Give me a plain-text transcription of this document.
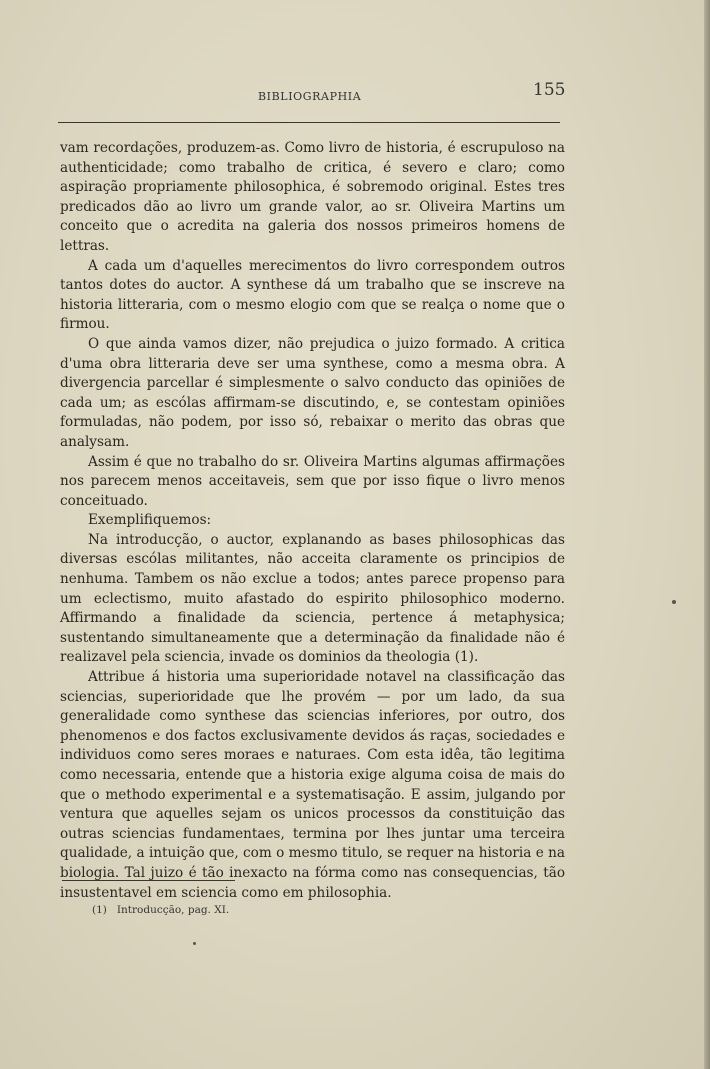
BIBLIOGRAPHIA	155

vam recordações, produzem-as. Como livro de historia, é escrupuloso na authenticidade; como trabalho de critica, é severo e claro; como aspiração propriamente philosophica, é sobremodo original. Estes tres predicados dão ao livro um grande valor, ao sr. Oliveira Martins um conceito que o acredita na galeria dos nossos primeiros homens de lettras.

A cada um d'aquelles merecimentos do livro correspondem outros tantos dotes do auctor. A synthese dá um trabalho que se inscreve na historia litteraria, com o mesmo elogio com que se realça o nome que o firmou.

O que ainda vamos dizer, não prejudica o juizo formado. A critica d'uma obra litteraria deve ser uma synthese, como a mesma obra. A divergencia parcellar é simplesmente o salvo conducto das opiniões de cada um; as escólas affirmam-se discutindo, e, se contestam opiniões formuladas, não podem, por isso só, rebaixar o merito das obras que analysam.

Assim é que no trabalho do sr. Oliveira Martins algumas affirmações nos parecem menos acceitaveis, sem que por isso fique o livro menos conceituado.

Exemplifiquemos:

Na introducção, o auctor, explanando as bases philosophicas das diversas escólas militantes, não acceita claramente os principios de nenhuma. Tambem os não exclue a todos; antes parece propenso para um eclectismo, muito afastado do espirito philosophico moderno. Affirmando a finalidade da sciencia, pertence á metaphysica; sustentando simultaneamente que a determinação da finalidade não é realizavel pela sciencia, invade os dominios da theologia (1).

Attribue á historia uma superioridade notavel na classificação das sciencias, superioridade que lhe provém — por um lado, da sua generalidade como synthese das sciencias inferiores, por outro, dos phenomenos e dos factos exclusivamente devidos ás raças, sociedades e individuos como seres moraes e naturaes. Com esta idêa, tão legitima como necessaria, entende que a historia exige alguma coisa de mais do que o methodo experimental e a systematisação. E assim, julgando por ventura que aquelles sejam os unicos processos da constituição das outras sciencias fundamentaes, termina por lhes juntar uma terceira qualidade, a intuição que, com o mesmo titulo, se requer na historia e na biologia. Tal juizo é tão inexacto na fórma como nas consequencias, tão insustentavel em sciencia como em philosophia.

(1) Introducção, pag. XI.
